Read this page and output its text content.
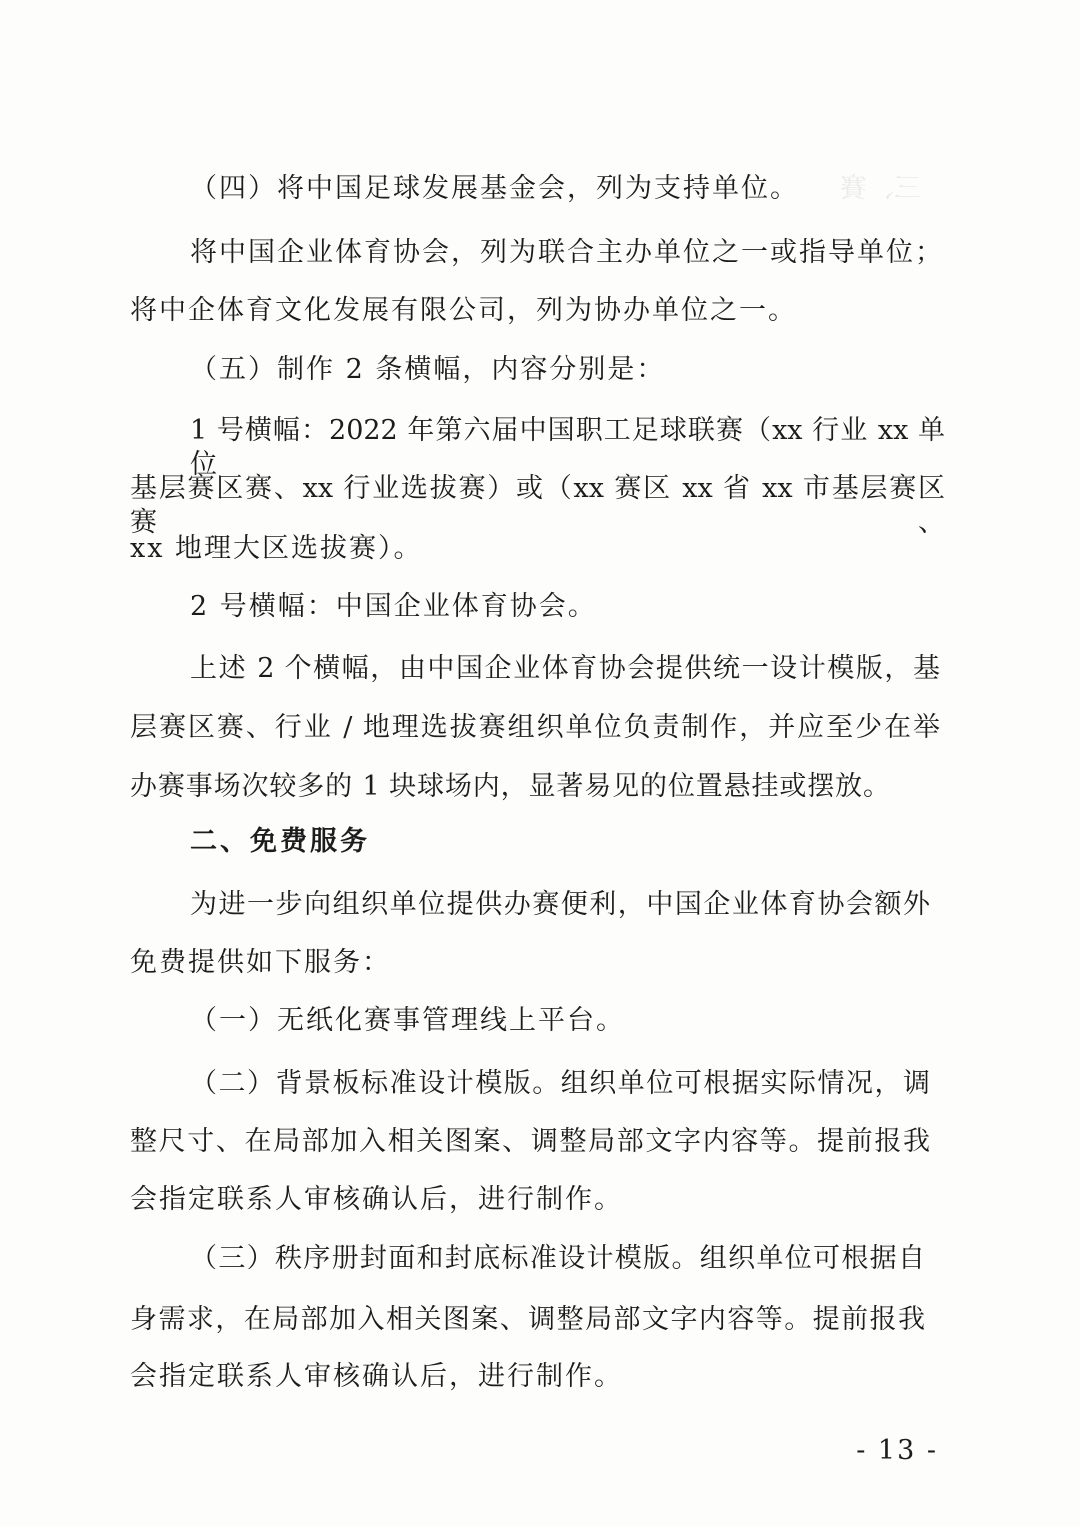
三、賽
（四）将中国足球发展基金会，列为支持单位。
将中国企业体育协会，列为联合主办单位之一或指导单位；
将中企体育文化发展有限公司，列为协办单位之一。
（五）制作 2 条横幅，内容分别是：
1 号横幅：2022 年第六届中国职工足球联赛（xx 行业 xx 单位
基层赛区赛、xx 行业选拔赛）或（xx 赛区 xx 省 xx 市基层赛区赛、
xx 地理大区选拔赛）。
2 号横幅：中国企业体育协会。
上述 2 个横幅，由中国企业体育协会提供统一设计模版，基
层赛区赛、行业 / 地理选拔赛组织单位负责制作，并应至少在举
办赛事场次较多的 1 块球场内，显著易见的位置悬挂或摆放。
二、免费服务
为进一步向组织单位提供办赛便利，中国企业体育协会额外
免费提供如下服务：
（一）无纸化赛事管理线上平台。
（二）背景板标准设计模版。组织单位可根据实际情况，调
整尺寸、在局部加入相关图案、调整局部文字内容等。提前报我
会指定联系人审核确认后，进行制作。
（三）秩序册封面和封底标准设计模版。组织单位可根据自
身需求，在局部加入相关图案、调整局部文字内容等。提前报我
会指定联系人审核确认后，进行制作。
- 13 -
